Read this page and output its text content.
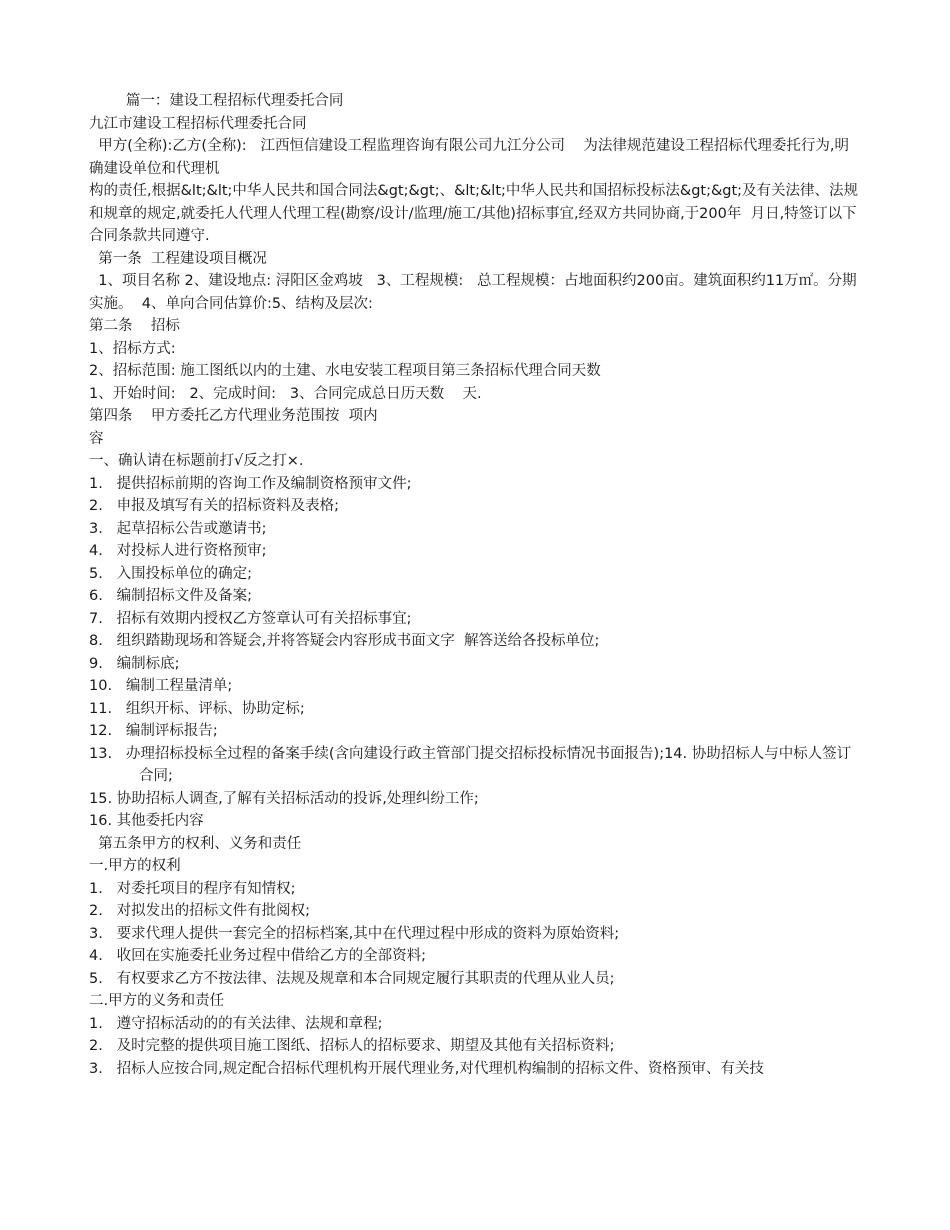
篇一：建设工程招标代理委托合同

九江市建设工程招标代理委托合同

甲方(全称):乙方(全称):   江西恒信建设工程监理咨询有限公司九江分公司    为法律规范建设工程招标代理委托行为,明确建设单位和代理机

构的责任,根据&lt;&lt;中华人民共和国合同法&gt;&gt;、&lt;&lt;中华人民共和国招标投标法&gt;&gt;及有关法律、法规和规章的规定,就委托人代理人代理工程(勘察/设计/监理/施工/其他)招标事宜,经双方共同协商,于200年  月日,特签订以下合同条款共同遵守.

第一条  工程建设项目概况

1、项目名称 2、建设地点: 浔阳区金鸡坡   3、工程规模:   总工程规模：占地面积约200亩。建筑面积约11万㎡。分期实施。  4、单向合同估算价:5、结构及层次:

第二条    招标

1、招标方式:

2、招标范围: 施工图纸以内的土建、水电安装工程项目第三条招标代理合同天数

1、开始时间:   2、完成时间:   3、合同完成总日历天数    天.

第四条    甲方委托乙方代理业务范围按  项内

容

一、确认请在标题前打√反之打×.

1.   提供招标前期的咨询工作及编制资格预审文件;

2.   申报及填写有关的招标资料及表格;

3.   起草招标公告或邀请书;

4.   对投标人进行资格预审;

5.   入围投标单位的确定;

6.   编制招标文件及备案;

7.   招标有效期内授权乙方签章认可有关招标事宜;

8.   组织踏勘现场和答疑会,并将答疑会内容形成书面文字  解答送给各投标单位;

9.   编制标底;

10.   编制工程量清单;

11.   组织开标、评标、协助定标;

12.   编制评标报告;

13.   办理招标投标全过程的备案手续(含向建设行政主管部门提交招标投标情况书面报告);14. 协助招标人与中标人签订合同;

15. 协助招标人调查,了解有关招标活动的投诉,处理纠纷工作;

16. 其他委托内容

第五条甲方的权利、义务和责任

一.甲方的权利

1.   对委托项目的程序有知情权;

2.   对拟发出的招标文件有批阅权;

3.   要求代理人提供一套完全的招标档案,其中在代理过程中形成的资料为原始资料;

4.   收回在实施委托业务过程中借给乙方的全部资料;

5.   有权要求乙方不按法律、法规及规章和本合同规定履行其职责的代理从业人员;

二.甲方的义务和责任

1.   遵守招标活动的的有关法律、法规和章程;

2.   及时完整的提供项目施工图纸、招标人的招标要求、期望及其他有关招标资料;

3.   招标人应按合同,规定配合招标代理机构开展代理业务,对代理机构编制的招标文件、资格预审、有关技
